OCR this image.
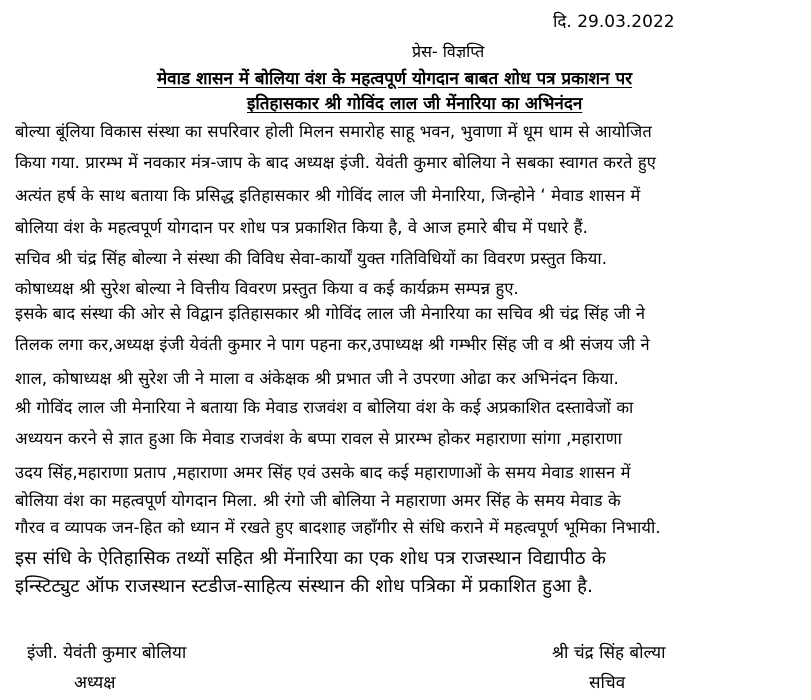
दि. 29.03.2022
प्रेस- विज्ञप्ति
मेवाड शासन में बोलिया वंश के महत्वपूर्ण योगदान बाबत शोध पत्र प्रकाशन पर
इतिहासकार श्री गोविंद लाल जी मेंनारिया का अभिनंदन
बोल्या बूंलिया विकास संस्था का सपरिवार होली मिलन समारोह साहू भवन, भुवाणा में धूम धाम से आयोजित
किया गया. प्रारम्भ में नवकार मंत्र-जाप के बाद अध्यक्ष इंजी. येवंती कुमार बोलिया ने सबका स्वागत करते हुए
अत्यंत हर्ष के साथ बताया कि प्रसिद्ध इतिहासकार श्री गोविंद लाल जी मेनारिया, जिन्होने ‘ मेवाड शासन में
बोलिया वंश के महत्वपूर्ण योगदान पर शोध पत्र प्रकाशित किया है, वे आज हमारे बीच में पधारे हैं.
सचिव श्री चंद्र सिंह बोल्या ने संस्था की विविध सेवा-कार्यों युक्त गतिविधियों का विवरण प्रस्तुत किया.
कोषाध्यक्ष श्री सुरेश बोल्या ने वित्तीय विवरण प्रस्तुत किया व कई कार्यक्रम सम्पन्न हुए.
इसके बाद संस्था की ओर से विद्वान इतिहासकार श्री गोविंद लाल जी मेनारिया का सचिव श्री चंद्र सिंह जी ने
तिलक लगा कर,अध्यक्ष इंजी येवंती कुमार ने पाग पहना कर,उपाध्यक्ष श्री गम्भीर सिंह जी व श्री संजय जी ने
शाल, कोषाध्यक्ष श्री सुरेश जी ने माला व अंकेक्षक श्री प्रभात जी ने उपरणा ओढा कर अभिनंदन किया.
श्री गोविंद लाल जी मेनारिया ने बताया कि मेवाड राजवंश व बोलिया वंश के कई अप्रकाशित दस्तावेजों का
अध्ययन करने से ज्ञात हुआ कि मेवाड राजवंश के बप्पा रावल से प्रारम्भ होकर महाराणा सांगा ,महाराणा
उदय सिंह,महाराणा प्रताप ,महाराणा अमर सिंह एवं उसके बाद कई महाराणाओं के समय मेवाड शासन में
बोलिया वंश का महत्वपूर्ण योगदान मिला. श्री रंगो जी बोलिया ने महाराणा अमर सिंह के समय मेवाड के
गौरव व व्यापक जन-हित को ध्यान में रखते हुए बादशाह जहाँगीर से संधि कराने में महत्वपूर्ण भूमिका निभायी.
इस संधि के ऐतिहासिक तथ्यों सहित श्री मेंनारिया का एक शोध पत्र राजस्थान विद्यापीठ के
इन्स्टिट्युट ऑफ राजस्थान स्टडीज-साहित्य संस्थान की शोध पत्रिका में प्रकाशित हुआ है.
इंजी. येवंती कुमार बोलिया
अध्यक्ष
श्री चंद्र सिंह बोल्या
सचिव
